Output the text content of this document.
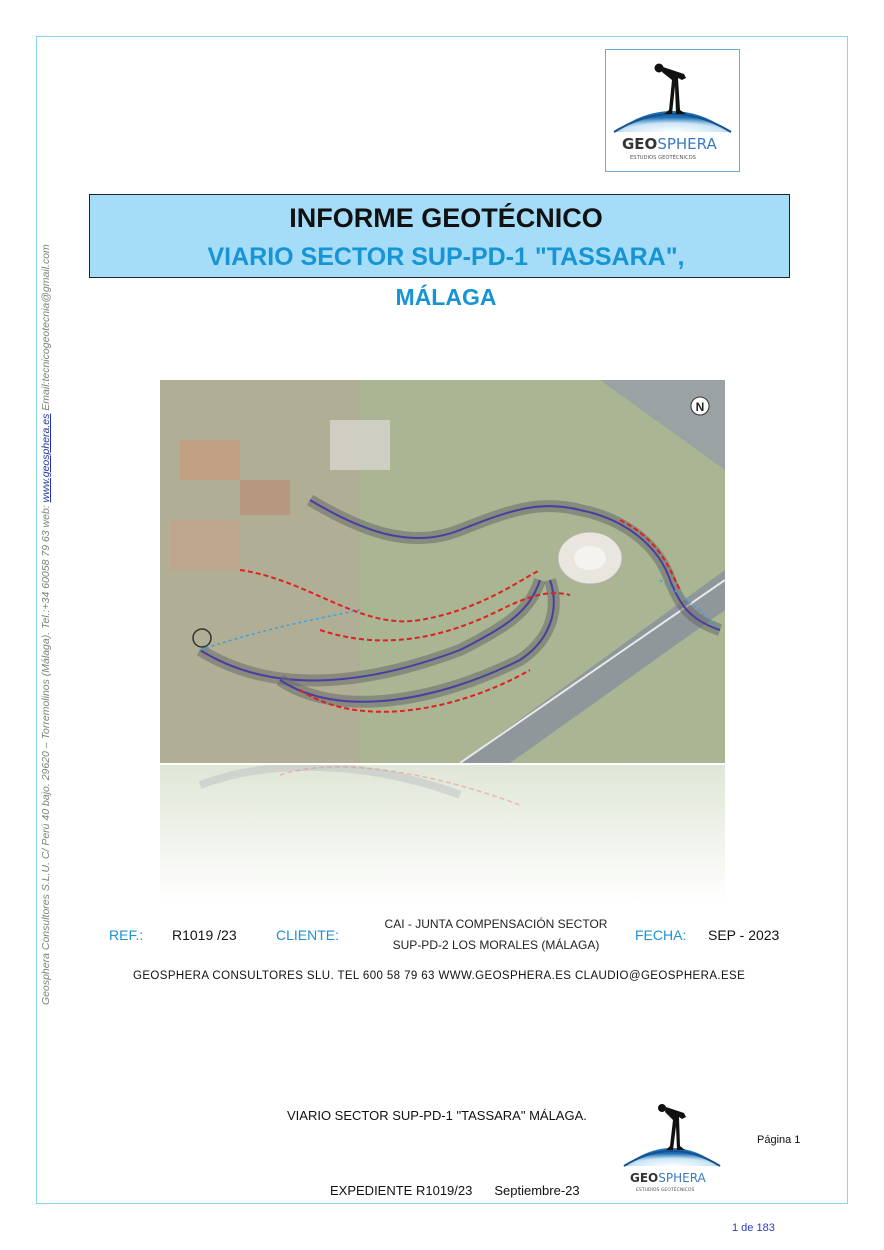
Geosphera Consultores S.L.U. C/ Perú 40 bajo. 29620 – Torremolinos (Málaga). Tel.:+34 60058 79 63 web: www.geosphera.es Email:tecnicogeotecnia@gmail.com
GEOSPHERA
ESTUDIOS GEOTÉCNICOS
INFORME GEOTÉCNICO
VIARIO SECTOR SUP-PD-1 "TASSARA",
MÁLAGA
N
REF.: R1019 /23	CLIENTE:
CAI - JUNTA COMPENSACIÓN SECTOR
SUP-PD-2 LOS MORALES (MÁLAGA)
FECHA: SEP - 2023
GEOSPHERA CONSULTORES SLU. TEL 600 58 79 63 WWW.GEOSPHERA.ES CLAUDIO@GEOSPHERA.ESE
VIARIO SECTOR SUP-PD-1 "TASSARA" MÁLAGA.
Página 1
EXPEDIENTE R1019/23 Septiembre-23
1 de 183
GEOSPHERA
ESTUDIOS GEOTÉCNICOS
